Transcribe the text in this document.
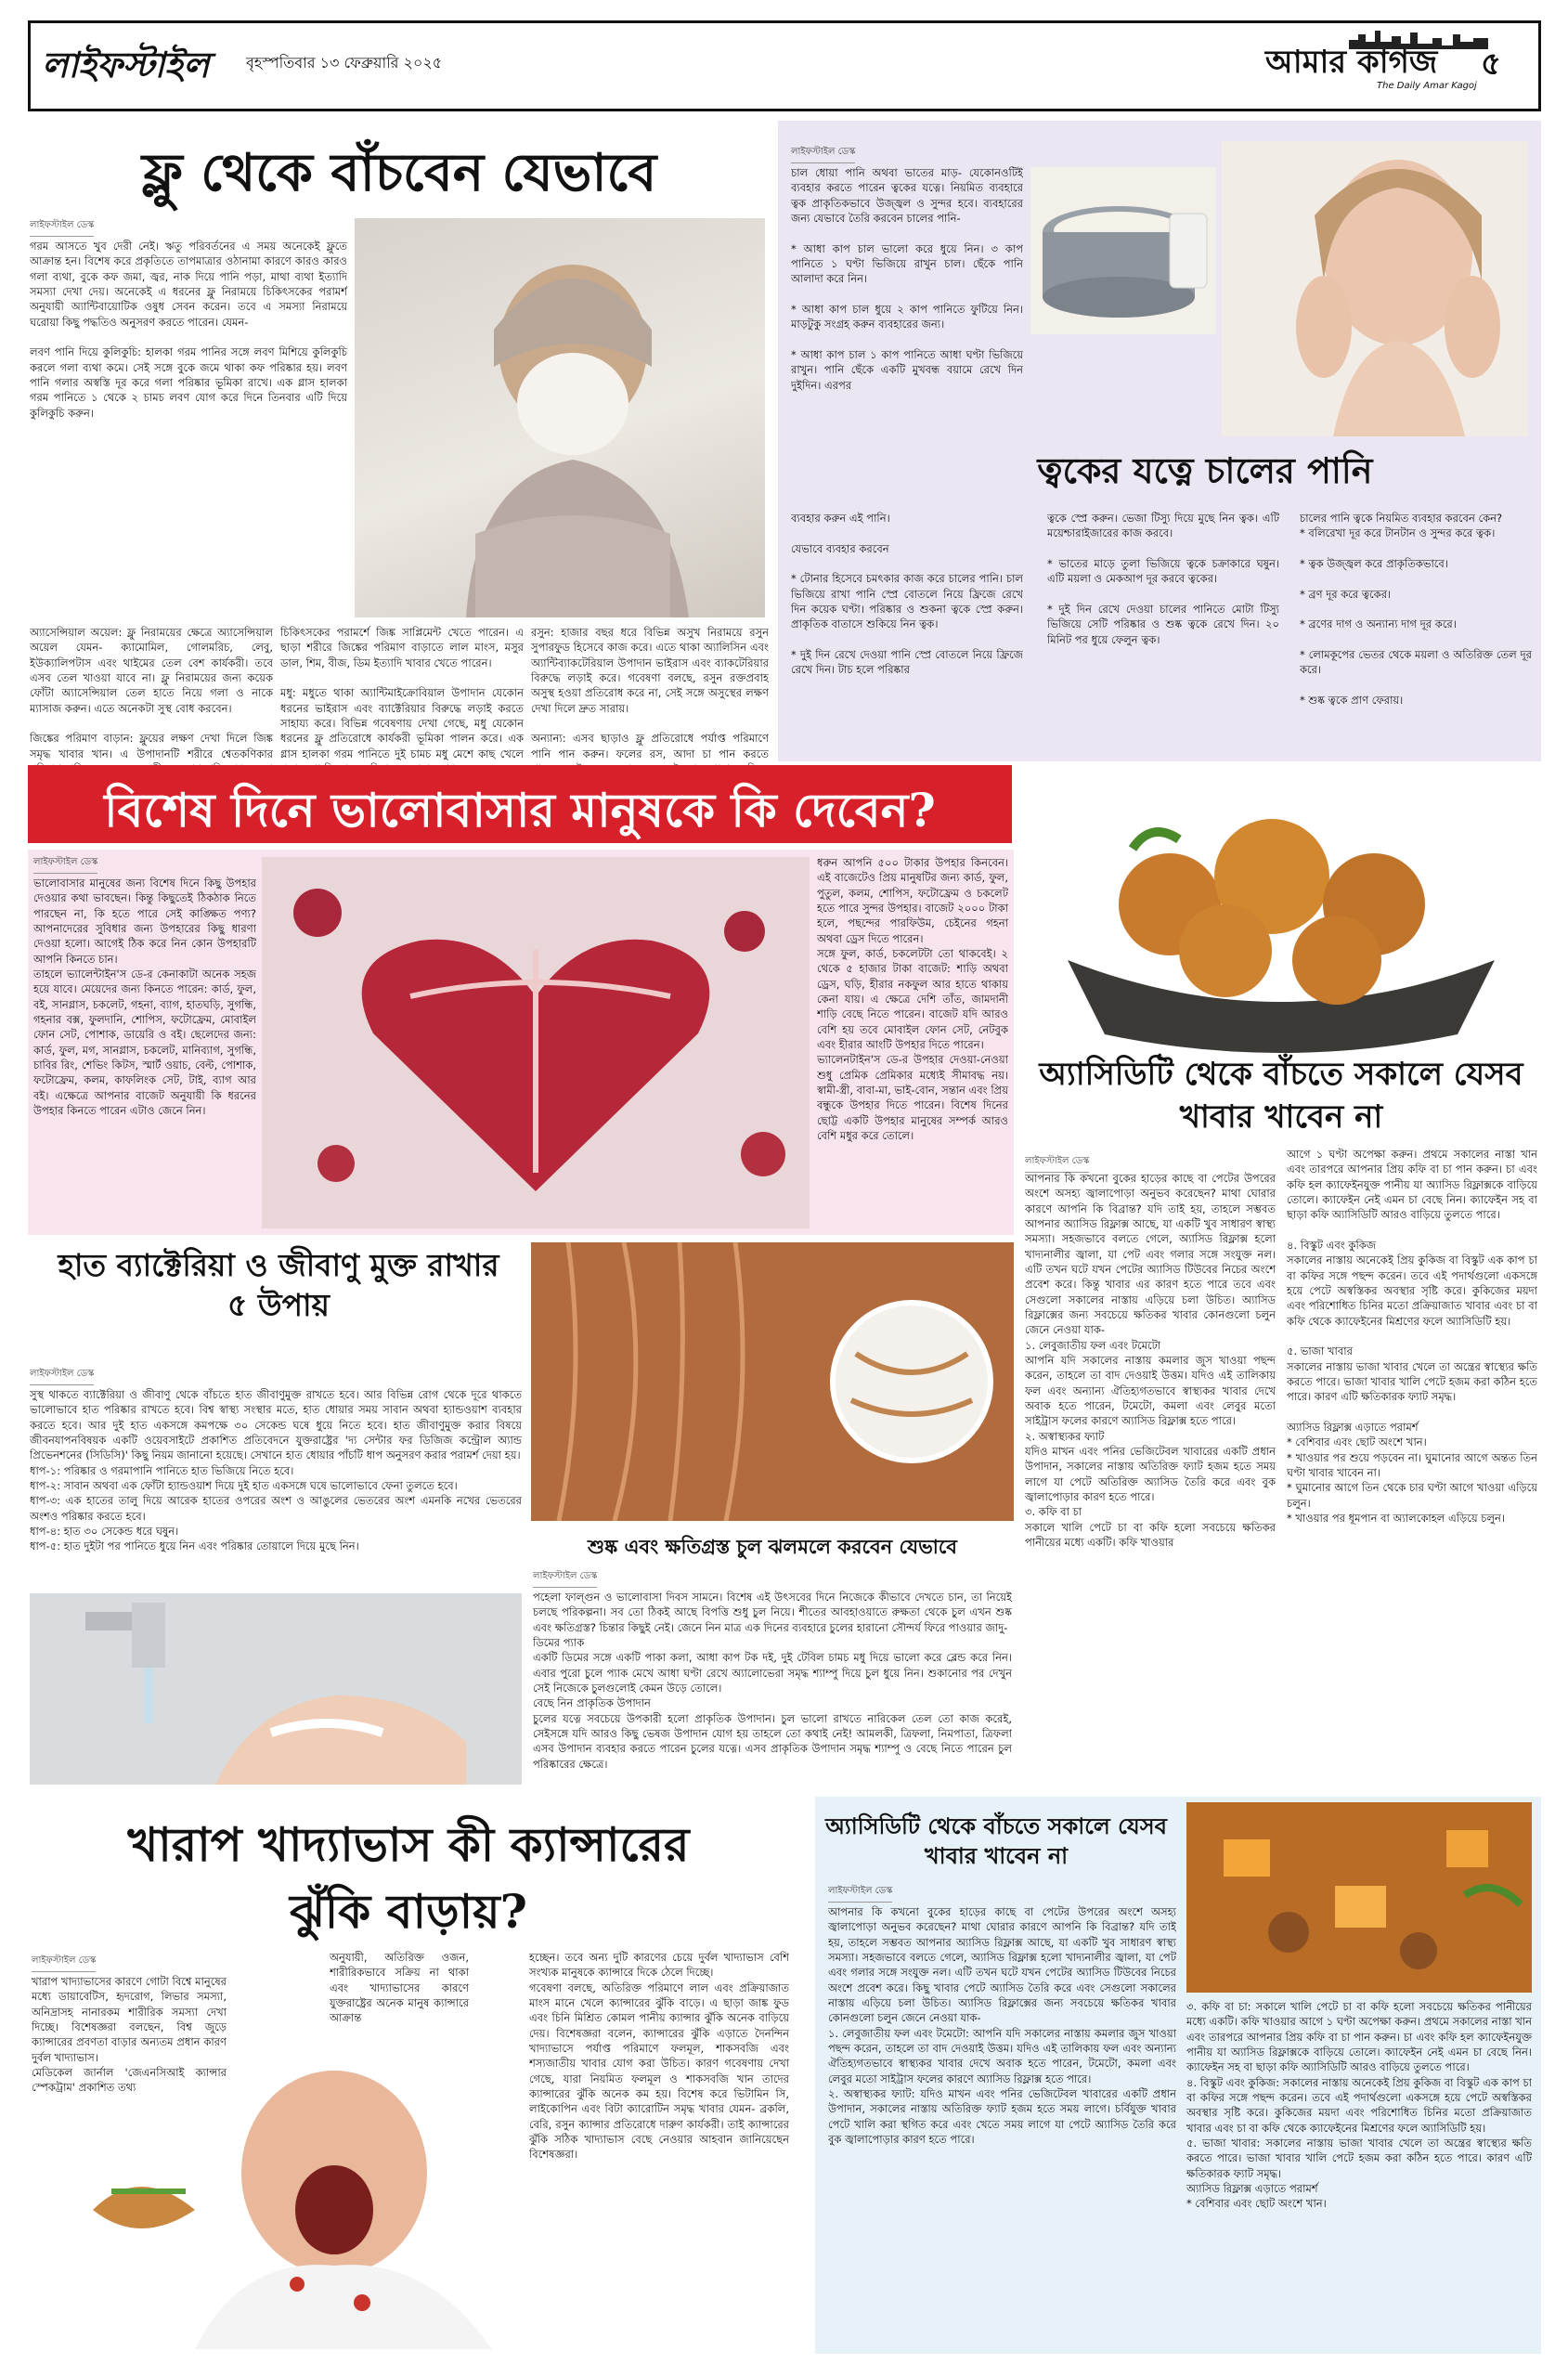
লাইফস্টাইল বৃহস্পতিবার ১৩ ফেব্রুয়ারি ২০২৫	আমার কাগজ ৫
The Daily Amar Kagoj
ফ্লু থেকে বাঁচবেন যেভাবে
লাইফস্টাইল ডেস্ক
গরম আসতে খুব দেরী নেই। ঋতু পরিবর্তনের এ সময় অনেকেই ফ্লুতে আক্রান্ত হন। বিশেষ করে প্রকৃতিতে তাপমাত্রার ওঠানামা কারণে কারও কারও গলা ব্যথা, বুকে কফ জমা, জ্বর, নাক দিয়ে পানি পড়া, মাথা ব্যথা ইত্যাদি সমস্যা দেখা দেয়। অনেকেই এ ধরনের ফ্লু নিরাময়ে চিকিৎসকের পরামর্শ অনুযায়ী অ্যান্টিবায়োটিক ওষুধ সেবন করেন। তবে এ সমস্যা নিরাময়ে ঘরোয়া কিছু পদ্ধতিও অনুসরণ করতে পারেন। যেমন-

লবণ পানি দিয়ে কুলিকুচি: হালকা গরম পানির সঙ্গে লবণ মিশিয়ে কুলিকুচি করলে গলা ব্যথা কমে। সেই সঙ্গে বুকে জমে থাকা কফ পরিষ্কার হয়। লবণ পানি গলার অস্বস্তি দূর করে গলা পরিষ্কার ভূমিকা রাখে। এক গ্লাস হালকা গরম পানিতে ১ থেকে ২ চামচ লবণ যোগ করে দিনে তিনবার এটি দিয়ে কুলিকুচি করুন।
অ্যাসেন্সিয়াল অয়েল: ফ্লু নিরাময়ের ক্ষেত্রে অ্যাসেন্সিয়াল অয়েল যেমন- ক্যামোমিল, গোলমরিচ, লেবু, ইউক্যালিপটাস এবং থাইমের তেল বেশ কার্যকরী। তবে এসব তেল খাওয়া যাবে না। ফ্লু নিরাময়ের জন্য কয়েক ফোঁটা অ্যাসেন্সিয়াল তেল হাতে নিয়ে গলা ও নাকে ম্যাসাজ করুন। এতে অনেকটা সুস্থ বোধ করবেন।

জিঙ্কের পরিমাণ বাড়ান: ফ্লুয়ের লক্ষণ দেখা দিলে জিঙ্ক সমৃদ্ধ খাবার খান। এ উপাদানটি শরীরে শ্বেতকণিকার
চিকিৎসকের পরামর্শে জিঙ্ক সাপ্লিমেন্ট খেতে পারেন। এ ছাড়া শরীরে জিঙ্কের পরিমাণ বাড়াতে লাল মাংস, মসুর ডাল, শিম, বীজ, ডিম ইত্যাদি খাবার খেতে পারেন।

মধু: মধুতে থাকা অ্যান্টিমাইক্রোবিয়াল উপাদান যেকোন ধরনের ভাইরাস এবং ব্যাক্টেরিয়ার বিরুদ্ধে লড়াই করতে সাহায্য করে। বিভিন্ন গবেষণায় দেখা গেছে, মধু যেকোন ধরনের ফ্লু প্রতিরোধে কার্যকরী ভূমিকা পালন করে। এক গ্লাস হালকা গরম পানিতে দুই চামচ মধু মেশে কাছ খেলে
রসুন: হাজার বছর ধরে বিভিন্ন অসুখ নিরাময়ে রসুন সুপারফুড হিসেবে কাজ করে। এতে থাকা অ্যালিসিন এবং অ্যান্টিব্যাকটেরিয়াল উপাদান ভাইরাস এবং ব্যাকটেরিয়ার বিরুদ্ধে লড়াই করে। গবেষণা বলছে, রসুন রক্তপ্রবাহ অসুস্থ হওয়া প্রতিরোধ করে না, সেই সঙ্গে অসুস্থের লক্ষণ দেখা দিলে দ্রুত সারায়।

অন্যান্য: এসব ছাড়াও ফ্লু প্রতিরোধে পর্যাপ্ত পরিমাণে পানি পান করুন। ফলের রস, আদা চা পান করতে
লাইফস্টাইল ডেস্ক
চাল ধোয়া পানি অথবা ভাতের মাড়- যেকোনওটিই ব্যবহার করতে পারেন ত্বকের যত্নে। নিয়মিত ব্যবহারে ত্বক প্রাকৃতিকভাবে উজ্জ্বল ও সুন্দর হবে। ব্যবহারের জন্য যেভাবে তৈরি করবেন চালের পানি-

* আধা কাপ চাল ভালো করে ধুয়ে নিন। ৩ কাপ পানিতে ১ ঘণ্টা ভিজিয়ে রাখুন চাল। ছেঁকে পানি আলাদা করে নিন।

* আধা কাপ চাল ধুয়ে ২ কাপ পানিতে ফুটিয়ে নিন। মাড়টুকু সংগ্রহ করুন ব্যবহারের জন্য।

* আধা কাপ চাল ১ কাপ পানিতে আধা ঘণ্টা ভিজিয়ে রাখুন। পানি ছেঁকে একটি মুখবন্ধ বয়ামে রেখে দিন দুইদিন। এরপর
ত্বকের যত্নে চালের পানি
ব্যবহার করুন এই পানি।

যেভাবে ব্যবহার করবেন

* টোনার হিসেবে চমৎকার কাজ করে চালের পানি। চাল ভিজিয়ে রাখা পানি স্প্রে বোতলে নিয়ে ফ্রিজে রেখে দিন কয়েক ঘণ্টা। পরিষ্কার ও শুকনা ত্বকে স্প্রে করুন। প্রাকৃতিক বাতাসে শুকিয়ে নিন ত্বক।

* দুই দিন রেখে দেওয়া পানি স্প্রে বোতলে নিয়ে ফ্রিজে রেখে দিন। টাচ হলে পরিষ্কার
ত্বকে স্প্রে করুন। ভেজা টিস্যু দিয়ে মুছে নিন ত্বক। এটি ময়েশ্চারাইজারের কাজ করবে।

* ভাতের মাড়ে তুলা ভিজিয়ে ত্বকে চক্রাকারে ঘষুন। এটি ময়লা ও মেকআপ দূর করবে ত্বকের।

* দুই দিন রেখে দেওয়া চালের পানিতে মোটা টিস্যু ভিজিয়ে সেটি পরিষ্কার ও শুষ্ক ত্বকে রেখে দিন। ২০ মিনিট পর ধুয়ে ফেলুন ত্বক।
চালের পানি ত্বকে নিয়মিত ব্যবহার করবেন কেন?
* বলিরেখা দূর করে টানটান ও সুন্দর করে ত্বক।

* ত্বক উজ্জ্বল করে প্রাকৃতিকভাবে।

* ব্রণ দূর করে ত্বকের।

* ব্রণের দাগ ও অন্যান্য দাগ দূর করে।

* লোমকূপের ভেতর থেকে ময়লা ও অতিরিক্ত তেল দূর করে।

* শুষ্ক ত্বকে প্রাণ ফেরায়।
বিশেষ দিনে ভালোবাসার মানুষকে কি দেবেন?
লাইফস্টাইল ডেস্ক
ভালোবাসার মানুষের জন্য বিশেষ দিনে কিছু উপহার দেওয়ার কথা ভাবছেন। কিন্তু কিছুতেই ঠিকঠাক নিতে পারছেন না, কি হতে পারে সেই কাঙ্ক্ষিত পণ্য? আপনাদেরের সুবিধার জন্য উপহারের কিছু ধারণা দেওয়া হলো। আগেই ঠিক করে নিন কোন উপহারটি আপনি কিনতে চান।
তাহলে ভ্যালেন্টাইন'স ডে-র কেনাকাটা অনেক সহজ হয়ে যাবে। মেয়েদের জন্য কিনতে পারেন: কার্ড, ফুল, বই, সানগ্লাস, চকলেট, গহনা, ব্যাগ, হাতঘড়ি, সুগন্ধি, গহনার বক্স, ফুলদানি, শোপিস, ফটোফ্রেম, মোবাইল ফোন সেট, পোশাক, ডায়েরি ও বই। ছেলেদের জন্য: কার্ড, ফুল, মগ, সানগ্লাস, চকলেট, মানিব্যাগ, সুগন্ধি, চাবির রিং, শেভিং কিটস, স্মার্ট ওয়াচ, বেল্ট, পোশাক, ফটোফ্রেম, কলম, কাফলিংক সেট, টাই, ব্যাগ আর বই। এক্ষেত্রে আপনার বাজেট অনুযায়ী কি ধরনের উপহার কিনতে পারেন এটাও জেনে নিন।
ধরুন আপনি ৫০০ টাকার উপহার কিনবেন। এই বাজেটেও প্রিয় মানুষটির জন্য কার্ড, ফুল, পুতুল, কলম, শোপিস, ফটোফ্রেম ও চকলেট হতে পারে সুন্দর উপহার। বাজেট ২০০০ টাকা হলে, পছন্দের পারফিউম, চেইনের গহনা অথবা ড্রেস দিতে পারেন।
সঙ্গে ফুল, কার্ড, চকলেটটা তো থাকবেই। ২ থেকে ৫ হাজার টাকা বাজেট: শাড়ি অথবা ড্রেস, ঘড়ি, হীরার নকফুল আর হাতে থাকায় কেনা যায়। এ ক্ষেত্রে দেশি তাঁত, জামদানী শাড়ি বেছে নিতে পারেন। বাজেট যদি আরও বেশি হয় তবে মোবাইল ফোন সেট, নেটবুক এবং হীরার আংটি উপহার দিতে পারেন।
ভ্যালেনটাইন'স ডে-র উপহার দেওয়া-নেওয়া শুধু প্রেমিক প্রেমিকার মধ্যেই সীমাবদ্ধ নয়। স্বামী-স্ত্রী, বাবা-মা, ভাই-বোন, সন্তান এবং প্রিয় বন্ধুকে উপহার দিতে পারেন। বিশেষ দিনের ছোট্ট একটি উপহার মানুষের সম্পর্ক আরও বেশি মধুর করে তোলে।
অ্যাসিডিটি থেকে বাঁচতে সকালে যেসব খাবার খাবেন না
লাইফস্টাইল ডেস্ক
আপনার কি কখনো বুকের হাড়ের কাছে বা পেটের উপরের অংশে অসহ্য জ্বালাপোড়া অনুভব করেছেন? মাথা ঘোরার কারণে আপনি কি বিব্রান্ত? যদি তাই হয়, তাহলে সম্ভবত আপনার অ্যাসিড রিফ্লাক্স আছে, যা একটি খুব সাধারণ স্বাস্থ্য সমস্যা। সহজভাবে বলতে গেলে, অ্যাসিড রিফ্লাক্স হলো খাদ্যনালীর জ্বালা, যা পেট এবং গলার সঙ্গে সংযুক্ত নল। এটি তখন ঘটে যখন পেটের অ্যাসিড টিউবের নিচের অংশে প্রবেশ করে। কিন্তু খাবার এর কারণ হতে পারে তবে এবং সেগুলো সকালের নাস্তায় এড়িয়ে চলা উচিত। অ্যাসিড রিফ্লাক্সের জন্য সবচেয়ে ক্ষতিকর খাবার কোনগুলো চলুন জেনে নেওয়া যাক-
১. লেবুজাতীয় ফল এবং টমেটো
আপনি যদি সকালের নাস্তায় কমলার জুস খাওয়া পছন্দ করেন, তাহলে তা বাদ দেওয়াই উত্তম। যদিও এই তালিকায় ফল এবং অন্যান্য ঐতিহ্যগতভাবে স্বাস্থ্যকর খাবার দেখে অবাক হতে পারেন, টমেটো, কমলা এবং লেবুর মতো সাইট্রাস ফলের কারণে অ্যাসিড রিফ্লাক্স হতে পারে।
২. অস্বাস্থ্যকর ফ্যাট
যদিও মাখন এবং পনির ভেজিটেবল খাবারের একটি প্রধান উপাদান, সকালের নাস্তায় অতিরিক্ত ফ্যাট হজম হতে সময় লাগে যা পেটে অতিরিক্ত অ্যাসিড তৈরি করে এবং বুক জ্বালাপোড়ার কারণ হতে পারে।
৩. কফি বা চা
সকালে খালি পেটে চা বা কফি হলো সবচেয়ে ক্ষতিকর পানীয়ের মধ্যে একটি। কফি খাওয়ার
আগে ১ ঘণ্টা অপেক্ষা করুন। প্রথমে সকালের নাস্তা খান এবং তারপরে আপনার প্রিয় কফি বা চা পান করুন। চা এবং কফি হল ক্যাফেইনযুক্ত পানীয় যা অ্যাসিড রিফ্লাক্সকে বাড়িয়ে তোলে। ক্যাফেইন নেই এমন চা বেছে নিন। ক্যাফেইন সহ বা ছাড়া কফি অ্যাসিডিটি আরও বাড়িয়ে তুলতে পারে।

৪. বিস্কুট এবং কুকিজ
সকালের নাস্তায় অনেকেই প্রিয় কুকিজ বা বিস্কুট এক কাপ চা বা কফির সঙ্গে পছন্দ করেন। তবে এই পদার্থগুলো একসঙ্গে হয়ে পেটে অস্বস্তিকর অবস্থার সৃষ্টি করে। কুকিজের ময়দা এবং পরিশোধিত চিনির মতো প্রক্রিয়াজাত খাবার এবং চা বা কফি থেকে ক্যাফেইনের মিশ্রণের ফলে অ্যাসিডিটি হয়।

৫. ভাজা খাবার
সকালের নাস্তায় ভাজা খাবার খেলে তা অন্ত্রের স্বাস্থ্যের ক্ষতি করতে পারে। ভাজা খাবার খালি পেটে হজম করা কঠিন হতে পারে। কারণ এটি ক্ষতিকারক ফ্যাট সমৃদ্ধ।

অ্যাসিড রিফ্লাক্স এড়াতে পরামর্শ
* বেশিবার এবং ছোট অংশে খান।
* খাওয়ার পর শুয়ে পড়বেন না। ঘুমানোর আগে অন্তত তিন ঘণ্টা খাবার খাবেন না।
* ঘুমানোর আগে তিন থেকে চার ঘণ্টা আগে খাওয়া এড়িয়ে চলুন।
* খাওয়ার পর ধূমপান বা অ্যালকোহল এড়িয়ে চলুন।
হাত ব্যাক্টেরিয়া ও জীবাণু মুক্ত রাখার ৫ উপায়
লাইফস্টাইল ডেস্ক
সুস্থ থাকতে ব্যাক্টেরিয়া ও জীবাণু থেকে বাঁচতে হাত জীবাণুমুক্ত রাখতে হবে। আর বিভিন্ন রোগ থেকে দূরে থাকতে ভালোভাবে হাত পরিষ্কার রাখতে হবে। বিশ্ব স্বাস্থ্য সংস্থার মতে, হাত ধোয়ার সময় সাবান অথবা হ্যান্ডওয়াশ ব্যবহার করতে হবে। আর দুই হাত একসঙ্গে কমপক্ষে ৩০ সেকেন্ড ঘষে ধুয়ে নিতে হবে। হাত জীবাণুমুক্ত করার বিষয়ে জীবনযাপনবিষয়ক একটি ওয়েবসাইটে প্রকাশিত প্রতিবেদনে যুক্তরাষ্ট্রের 'দ্য সেন্টার ফর ডিজিজ কন্ট্রোল অ্যান্ড প্রিভেনশনের (সিডিসি)' কিছু নিয়ম জানানো হয়েছে। সেখানে হাত ধোয়ার পাঁচটি ধাপ অনুসরণ করার পরামর্শ দেয়া হয়।
ধাপ-১: পরিষ্কার ও গরমাপানি পানিতে হাত ভিজিয়ে নিতে হবে।
ধাপ-২: সাবান অথবা এক ফোঁটা হ্যান্ডওয়াশ দিয়ে দুই হাত একসঙ্গে ঘষে ভালোভাবে ফেনা তুলতে হবে।
ধাপ-৩: এক হাতের তালু দিয়ে আরেক হাতের ওপরের অংশ ও আঙুলের ভেতরের অংশ এমনকি নখের ভেতরের অংশও পরিষ্কার করতে হবে।
ধাপ-৪: হাত ৩০ সেকেন্ড ধরে ঘষুন।
ধাপ-৫: হাত দুইটা পর পানিতে ধুয়ে নিন এবং পরিষ্কার তোয়ালে দিয়ে মুছে নিন।	শুষ্ক এবং ক্ষতিগ্রস্ত চুল ঝলমলে করবেন যেভাবে
লাইফস্টাইল ডেস্ক
পহেলা ফাল্গুন ও ভালোবাসা দিবস সামনে। বিশেষ এই উৎসবের দিনে নিজেকে কীভাবে দেখতে চান, তা নিয়েই চলছে পরিকল্পনা। সব তো ঠিকই আছে বিপত্তি শুধু চুল নিয়ে। শীতের আবহাওয়াতে রুক্ষতা থেকে চুল এখন শুষ্ক এবং ক্ষতিগ্রস্ত? চিন্তার কিছুই নেই। জেনে নিন মাত্র এক দিনের ব্যবহারে চুলের হারানো সৌন্দর্য ফিরে পাওয়ার জাদু-
ডিমের প্যাক
একটি ডিমের সঙ্গে একটি পাকা কলা, আধা কাপ টক দই, দুই টেবিল চামচ মধু দিয়ে ভালো করে ব্লেন্ড করে নিন। এবার পুরো চুলে প্যাক মেখে আধা ঘণ্টা রেখে অ্যালোভেরা সমৃদ্ধ শ্যাম্পু দিয়ে চুল ধুয়ে নিন। শুকানোর পর দেখুন সেই নিজেকে চুলগুলোই কেমন উড়ে তোলে।
বেছে নিন প্রাকৃতিক উপাদান
চুলের যত্নে সবচেয়ে উপকারী হলো প্রাকৃতিক উপাদান। চুল ভালো রাখতে নারিকেল তেল তো কাজ করেই, সেইসঙ্গে যদি আরও কিছু ভেষজ উপাদান যোগ হয় তাহলে তো কথাই নেই! আমলকী, ত্রিফলা, নিমপাতা, ত্রিফলা এসব উপাদান ব্যবহার করতে পারেন চুলের যত্নে। এসব প্রাকৃতিক উপাদান সমৃদ্ধ শ্যাম্পু ও বেছে নিতে পারেন চুল পরিষ্কারের ক্ষেত্রে।
খারাপ খাদ্যাভাস কী ক্যান্সারের
ঝুঁকি বাড়ায়?
লাইফস্টাইল ডেস্ক
খারাপ খাদ্যাভাসের কারণে গোটা বিশ্বে মানুষের মধ্যে ডায়াবেটিস, হৃদরোগ, লিভার সমস্যা, অনিদ্রাসহ নানারকম শারীরিক সমস্যা দেখা দিচ্ছে। বিশেষজ্ঞরা বলছেন, বিশ্ব জুড়ে ক্যান্সারের প্রবণতা বাড়ার অন্যতম প্রধান কারণ দুর্বল খাদ্যাভাস।
মেডিকেল জার্নাল 'জেএনসিআই ক্যান্সার স্পেকট্রাম' প্রকাশিত তথ্য
অনুযায়ী, অতিরিক্ত ওজন, শারীরিকভাবে সক্রিয় না থাকা এবং খাদ্যাভাসের কারণে যুক্তরাষ্ট্রের অনেক মানুষ ক্যান্সারে আক্রান্ত
হচ্ছেন। তবে অন্য দুটি কারণের চেয়ে দুর্বল খাদ্যাভাস বেশি সংখ্যক মানুষকে ক্যান্সারে দিকে ঠেলে দিচ্ছে।
গবেষণা বলছে, অতিরিক্ত পরিমাণে লাল এবং প্রক্রিয়াজাত মাংস মানে খেলে ক্যান্সারের ঝুঁকি বাড়ে। এ ছাড়া জাঙ্ক ফুড এবং চিনি মিশ্রিত কোমল পানীয় ক্যান্সার ঝুঁকি অনেক বাড়িয়ে দেয়। বিশেষজ্ঞরা বলেন, ক্যান্সারের ঝুঁকি এড়াতে দৈনন্দিন খাদ্যাভাসে পর্যাপ্ত পরিমাণে ফলমূল, শাকসবজি এবং শস্যজাতীয় খাবার যোগ করা উচিত। কারণ গবেষণায় দেখা গেছে, যারা নিয়মিত ফলমূল ও শাকসবজি খান তাদের ক্যান্সারের ঝুঁকি অনেক কম হয়। বিশেষ করে ভিটামিন সি, লাইকোপিন এবং বিটা ক্যারোটিন সমৃদ্ধ খাবার যেমন- ব্রকলি, বেরি, রসুন ক্যান্সার প্রতিরোধে দারুণ কার্যকরী। তাই ক্যান্সারের ঝুঁকি সঠিক খাদ্যাভাস বেছে নেওয়ার আহবান জানিয়েছেন বিশেষজ্ঞরা।
অ্যাসিডিটি থেকে বাঁচতে সকালে যেসব খাবার খাবেন না
লাইফস্টাইল ডেস্ক
আপনার কি কখনো বুকের হাড়ের কাছে বা পেটের উপরের অংশে অসহ্য জ্বালাপোড়া অনুভব করেছেন? মাথা ঘোরার কারণে আপনি কি বিব্রান্ত? যদি তাই হয়, তাহলে সম্ভবত আপনার অ্যাসিড রিফ্লাক্স আছে, যা একটি খুব সাধারণ স্বাস্থ্য সমস্যা। সহজভাবে বলতে গেলে, অ্যাসিড রিফ্লাক্স হলো খাদ্যনালীর জ্বালা, যা পেট এবং গলার সঙ্গে সংযুক্ত নল। এটি তখন ঘটে যখন পেটের অ্যাসিড টিউবের নিচের অংশে প্রবেশ করে। কিছু খাবার পেটে অ্যাসিড তৈরি করে এবং সেগুলো সকালের নাস্তায় এড়িয়ে চলা উচিত। অ্যাসিড রিফ্লাক্সের জন্য সবচেয়ে ক্ষতিকর খাবার কোনগুলো চলুন জেনে নেওয়া যাক-
১. লেবুজাতীয় ফল এবং টমেটো: আপনি যদি সকালের নাস্তায় কমলার জুস খাওয়া পছন্দ করেন, তাহলে তা বাদ দেওয়াই উত্তম। যদিও এই তালিকায় ফল এবং অন্যান্য ঐতিহ্যগতভাবে স্বাস্থ্যকর খাবার দেখে অবাক হতে পারেন, টমেটো, কমলা এবং লেবুর মতো সাইট্রাস ফলের কারণে অ্যাসিড রিফ্লাক্স হতে পারে।
২. অস্বাস্থ্যকর ফ্যাট: যদিও মাখন এবং পনির ভেজিটেবল খাবারের একটি প্রধান উপাদান, সকালের নাস্তায় অতিরিক্ত ফ্যাট হজম হতে সময় লাগে। চর্বিযুক্ত খাবার পেটে খালি করা স্থগিত করে এবং খেতে সময় লাগে যা পেটে অ্যাসিড তৈরি করে বুক জ্বালাপোড়ার কারণ হতে পারে।
৩. কফি বা চা: সকালে খালি পেটে চা বা কফি হলো সবচেয়ে ক্ষতিকর পানীয়ের মধ্যে একটি। কফি খাওয়ার আগে ১ ঘণ্টা অপেক্ষা করুন। প্রথমে সকালের নাস্তা খান এবং তারপরে আপনার প্রিয় কফি বা চা পান করুন। চা এবং কফি হল ক্যাফেইনযুক্ত পানীয় যা অ্যাসিড রিফ্লাক্সকে বাড়িয়ে তোলে। ক্যাফেইন নেই এমন চা বেছে নিন। ক্যাফেইন সহ বা ছাড়া কফি অ্যাসিডিটি আরও বাড়িয়ে তুলতে পারে।
৪. বিস্কুট এবং কুকিজ: সকালের নাস্তায় অনেকেই প্রিয় কুকিজ বা বিস্কুট এক কাপ চা বা কফির সঙ্গে পছন্দ করেন। তবে এই পদার্থগুলো একসঙ্গে হয়ে পেটে অস্বস্তিকর অবস্থার সৃষ্টি করে। কুকিজের ময়দা এবং পরিশোধিত চিনির মতো প্রক্রিয়াজাত খাবার এবং চা বা কফি থেকে ক্যাফেইনের মিশ্রণের ফলে অ্যাসিডিটি হয়।
৫. ভাজা খাবার: সকালের নাস্তায় ভাজা খাবার খেলে তা অন্ত্রের স্বাস্থ্যের ক্ষতি করতে পারে। ভাজা খাবার খালি পেটে হজম করা কঠিন হতে পারে। কারণ এটি ক্ষতিকারক ফ্যাট সমৃদ্ধ।
অ্যাসিড রিফ্লাক্স এড়াতে পরামর্শ
* বেশিবার এবং ছোট অংশে খান।
